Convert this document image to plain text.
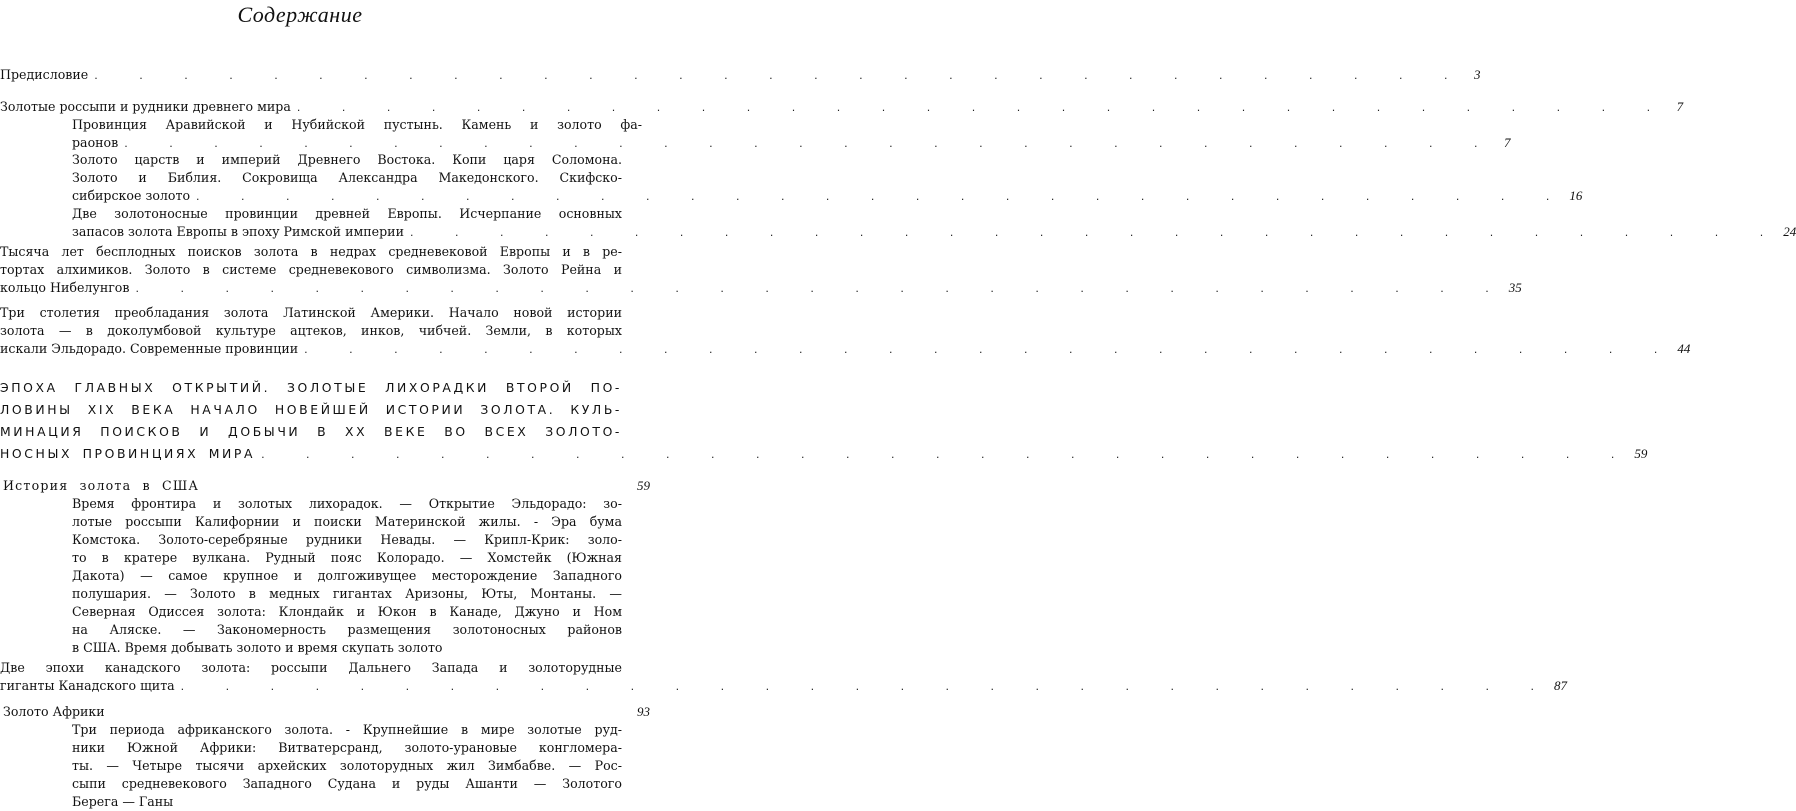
Содержание
Предисловие . . . . . . . . . . . . . . . . . . . . . . . . . . . . . . . 3
Золотые россыпи и рудники древнего мира . . . . . . . . . . . . . . . . . . . . . . . . . . . . . . . 7
Провинция Аравийской и Нубийской пустынь. Камень и золото фа-
раонов . . . . . . . . . . . . . . . . . . . . . . . . . . . . . . . 7
Золото царств и империй Древнего Востока. Копи царя Соломона.
Золото и Библия. Сокровища Александра Македонского. Скифско-
сибирское золото . . . . . . . . . . . . . . . . . . . . . . . . . . . . . . . 16
Две золотоносные провинции древней Европы. Исчерпание основных
запасов золота Европы в эпоху Римской империи . . . . . . . . . . . . . . . . . . . . . . . . . . . . . . . 24
Тысяча лет бесплодных поисков золота в недрах средневековой Европы и в ре-
тортах алхимиков. Золото в системе средневекового символизма. Золото Рейна и
кольцо Нибелунгов . . . . . . . . . . . . . . . . . . . . . . . . . . . . . . . 35
Три столетия преобладания золота Латинской Америки. Начало новой истории
золота — в доколумбовой культуре ацтеков, инков, чибчей. Земли, в которых
искали Эльдорадо. Современные провинции . . . . . . . . . . . . . . . . . . . . . . . . . . . . . . . 44
ЭПОХА ГЛАВНЫХ ОТКРЫТИЙ. ЗОЛОТЫЕ ЛИХОРАДКИ ВТОРОЙ ПО-
ЛОВИНЫ XIX ВЕКА НАЧАЛО НОВЕЙШЕЙ ИСТОРИИ ЗОЛОТА. КУЛЬ-
МИНАЦИЯ ПОИСКОВ И ДОБЫЧИ В XX ВЕКЕ ВО ВСЕХ ЗОЛОТО-
НОСНЫХ ПРОВИНЦИЯХ МИРА . . . . . . . . . . . . . . . . . . . . . . . . . . . . . . . 59
История золота в США	59
Время фронтира и золотых лихорадок. — Открытие Эльдорадо: зо-
лотые россыпи Калифорнии и поиски Материнской жилы. - Эра бума
Комстока. Золото-серебряные рудники Невады. — Крипл-Крик: золо-
то в кратере вулкана. Рудный пояс Колорадо. — Хомстейк (Южная
Дакота) — самое крупное и долгоживущее месторождение Западного
полушария. — Золото в медных гигантах Аризоны, Юты, Монтаны. —
Северная Одиссея золота: Клондайк и Юкон в Канаде, Джуно и Ном
на Аляске. — Закономерность размещения золотоносных районов
в США. Время добывать золото и время скупать золото
Две эпохи канадского золота: россыпи Дальнего Запада и золоторудные
гиганты Канадского щита . . . . . . . . . . . . . . . . . . . . . . . . . . . . . . . 87
Золото Африки	93
Три периода африканского золота. - Крупнейшие в мире золотые руд-
ники Южной Африки: Витватерсранд, золото-урановые конгломера-
ты. — Четыре тысячи архейских золоторудных жил Зимбабве. — Рос-
сыпи средневекового Западного Судана и руды Ашанти — Золотого
Берега — Ганы
